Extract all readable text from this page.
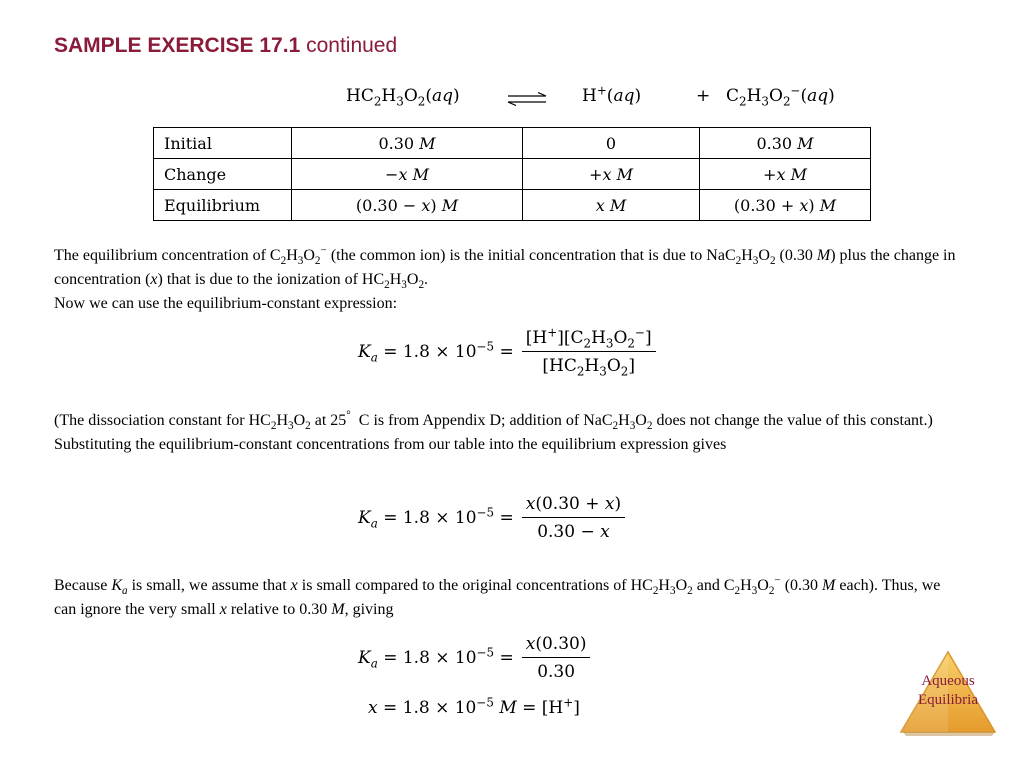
SAMPLE EXERCISE 17.1 continued
$HC_2H_3O_2(aq)$	H+(aq)	+ $C_2H_3O_2^-(aq)$
Initial	0.30 M	0	0.30 M
Change	−x M	+x M	+x M
Equilibrium	(0.30 − x) M	x M	(0.30 + x) M
The equilibrium concentration of $C_2H_3O_2^-$ (the common ion) is the initial concentration that is due to $NaC_2H_3O_2$ (0.30 M) plus the change in concentration (x) that is due to the ionization of $HC_2H_3O_2$.
Now we can use the equilibrium-constant expression:
$K_a = 1.8 \times 10^{-5} = \frac{[H^+][C_2H_3O_2^-]}{[HC_2H_3O_2]}$
(The dissociation constant for $HC_2H_3O_2$ at 25°  C is from Appendix D; addition of $NaC_2H_3O_2$ does not change the value of this constant.) Substituting the equilibrium-constant concentrations from our table into the equilibrium expression gives
$K_a = 1.8 \times 10^{-5} = \frac{x(0.30 + x)}{0.30 - x}$
Because $K_a$ is small, we assume that x is small compared to the original concentrations of $HC_2H_3O_2$ and $C_2H_3O_2^-$ (0.30 M each). Thus, we can ignore the very small x relative to 0.30 M, giving
$K_a = 1.8 \times 10^{-5} = \frac{x(0.30)}{0.30}$
$x = 1.8 \times 10^{-5}$ M = [H+]
Aqueous
Equilibria
